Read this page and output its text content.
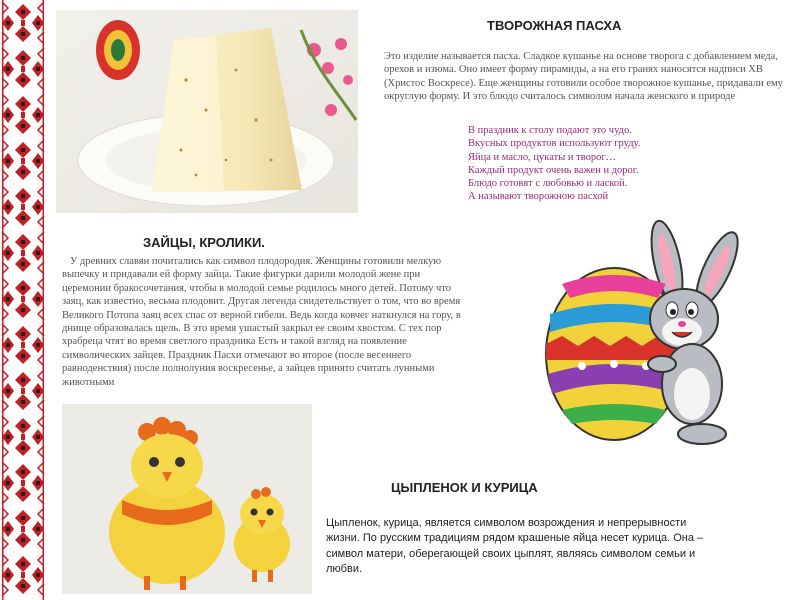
ТВОРОЖНАЯ ПАСХА

Это изделие называется пасха. Сладкое кушанье на основе творога с добавлением меда, орехов и изюма. Оно имеет форму пирамиды, а на его гранях наносятся надписи ХВ (Христос Воскресе). Еще женщины готовили особое творожное кушанье, придавали ему округлую форму. И это блюдо считалось символом начала женского в природе

В праздник к столу подают это чудо.
Вкусных продуктов используют груду.
Яйца и масло, цукаты и творог…
Каждый продукт очень важен и дорог.
Блюдо готовят с любовью и лаской.
А называют творожною пасхой
ЗАЙЦЫ, КРОЛИКИ.

У древних славян почитались как символ плодородия. Женщины готовили мелкую выпечку и придавали ей форму зайца. Такие фигурки дарили молодой жене при церемонии бракосочетания, чтобы в молодой семье родилось много детей. Потому что заяц, как известно, весьма плодовит. Другая легенда свидетельствует о том, что во время Великого Потопа заяц всех спас от верной гибели. Ведь когда ковчег наткнулся на гору, в днище образовалась щель. В это время ушастый закрыл ее своим хвостом. С тех пор храбреца чтят во время светлого праздника Есть и такой взгляд на появление символических зайцев. Праздник Пасхи отмечают во второе (после весеннего равноденствия) после полнолуния воскресенье, а зайцев принято считать лунными животными

ЦЫПЛЕНОК И КУРИЦА

Цыпленок, курица, является символом возрождения и непрерывности жизни. По русским традициям рядом крашеные яйца несет курица. Она – символ матери, оберегающей своих цыплят, являясь символом семьи и любви.
